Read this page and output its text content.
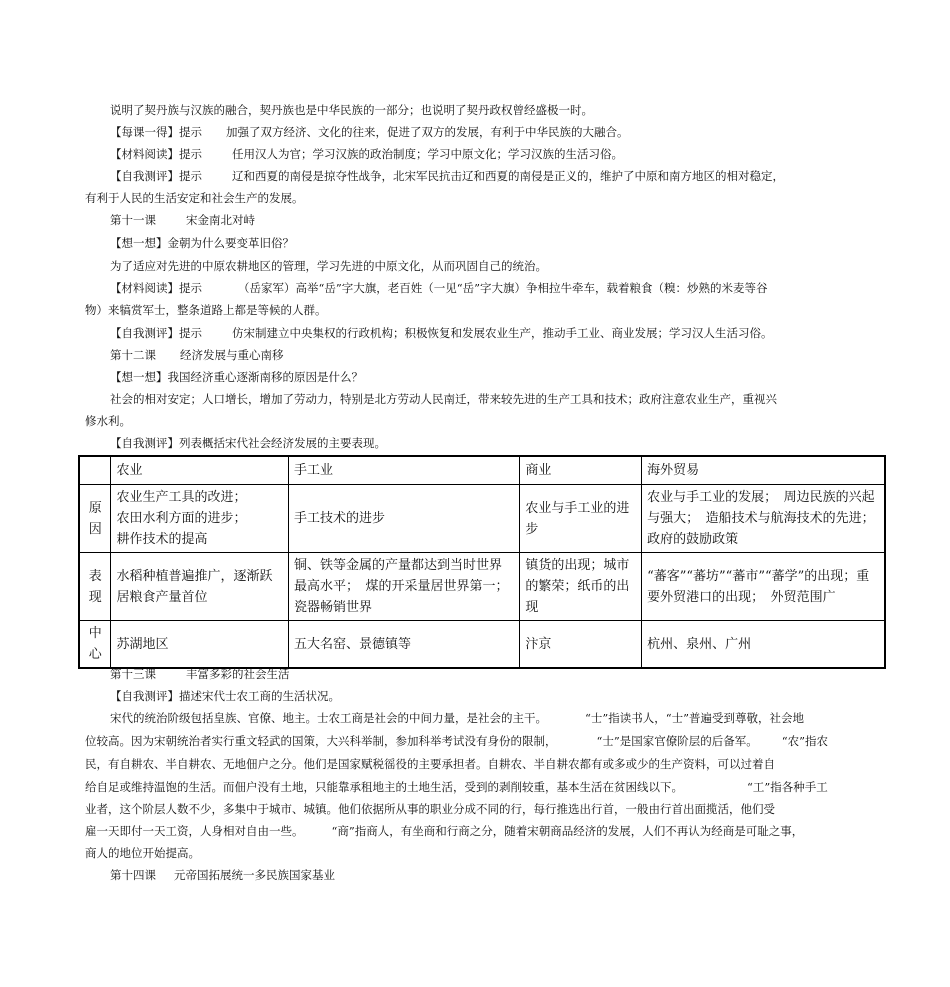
说明了契丹族与汉族的融合，契丹族也是中华民族的一部分；也说明了契丹政权曾经盛极一时。
【每课一得】提示 加强了双方经济、文化的往来，促进了双方的发展，有利于中华民族的大融合。
【材料阅读】提示	任用汉人为官；学习汉族的政治制度；学习中原文化；学习汉族的生活习俗。
【自我测评】提示	辽和西夏的南侵是掠夺性战争，北宋军民抗击辽和西夏的南侵是正义的，维护了中原和南方地区的相对稳定，
有利于人民的生活安定和社会生产的发展。
第十一课	宋金南北对峙
【想一想】金朝为什么要变革旧俗？
为了适应对先进的中原农耕地区的管理，学习先进的中原文化，从而巩固自己的统治。
【材料阅读】提示	（岳家军）高举“岳”字大旗，老百姓（一见“岳”字大旗）争相拉牛牵车，载着粮食（糗：炒熟的米麦等谷
物）来犒赏军士，整条道路上都是等候的人群。
【自我测评】提示	仿宋制建立中央集权的行政机构；积极恢复和发展农业生产，推动手工业、商业发展；学习汉人生活习俗。
第十二课 经济发展与重心南移
【想一想】我国经济重心逐渐南移的原因是什么？
社会的相对安定；人口增长，增加了劳动力，特别是北方劳动人民南迁，带来较先进的生产工具和技术；政府注意农业生产，重视兴
修水利。
【自我测评】列表概括宋代社会经济发展的主要表现。
	农业	手工业	商业	海外贸易
原因	农业生产工具的改进；
农田水利方面的进步；
耕作技术的提高	手工技术的进步	农业与手工业的进步	农业与手工业的发展；　周边民族的兴起与强大；　造船技术与航海技术的先进；政府的鼓励政策
表现	水稻种植普遍推广，逐渐跃居粮食产量首位	铜、铁等金属的产量都达到当时世界最高水平；　煤的开采量居世界第一；瓷器畅销世界	镇货的出现；城市的繁荣；纸币的出现	“蕃客”“蕃坊”“蕃市”“蕃学”的出现；重要外贸港口的出现；　外贸范围广
中心	苏湖地区	五大名窑、景德镇等	汴京	杭州、泉州、广州
第十三课	丰富多彩的社会生活
【自我测评】描述宋代士农工商的生活状况。
宋代的统治阶级包括皇族、官僚、地主。士农工商是社会的中间力量，是社会的主干。	“士”指读书人，“士”普遍受到尊敬，社会地
位较高。因为宋朝统治者实行重文轻武的国策，大兴科举制，参加科举考试没有身份的限制，	“士”是国家官僚阶层的后备军。 “农”指农
民，有自耕农、半自耕农、无地佃户之分。他们是国家赋税徭役的主要承担者。自耕农、半自耕农都有或多或少的生产资料，可以过着自
给自足或维持温饱的生活。而佃户没有土地，只能靠承租地主的土地生活，受到的剥削较重，基本生活在贫困线以下。	“工”指各种手工
业者，这个阶层人数不少，多集中于城市、城镇。他们依据所从事的职业分成不同的行，每行推选出行首，一般由行首出面揽活，他们受
雇一天即付一天工资，人身相对自由一些。 “商”指商人，有坐商和行商之分，随着宋朝商品经济的发展，人们不再认为经商是可耻之事，
商人的地位开始提高。
第十四课 元帝国拓展统一多民族国家基业
